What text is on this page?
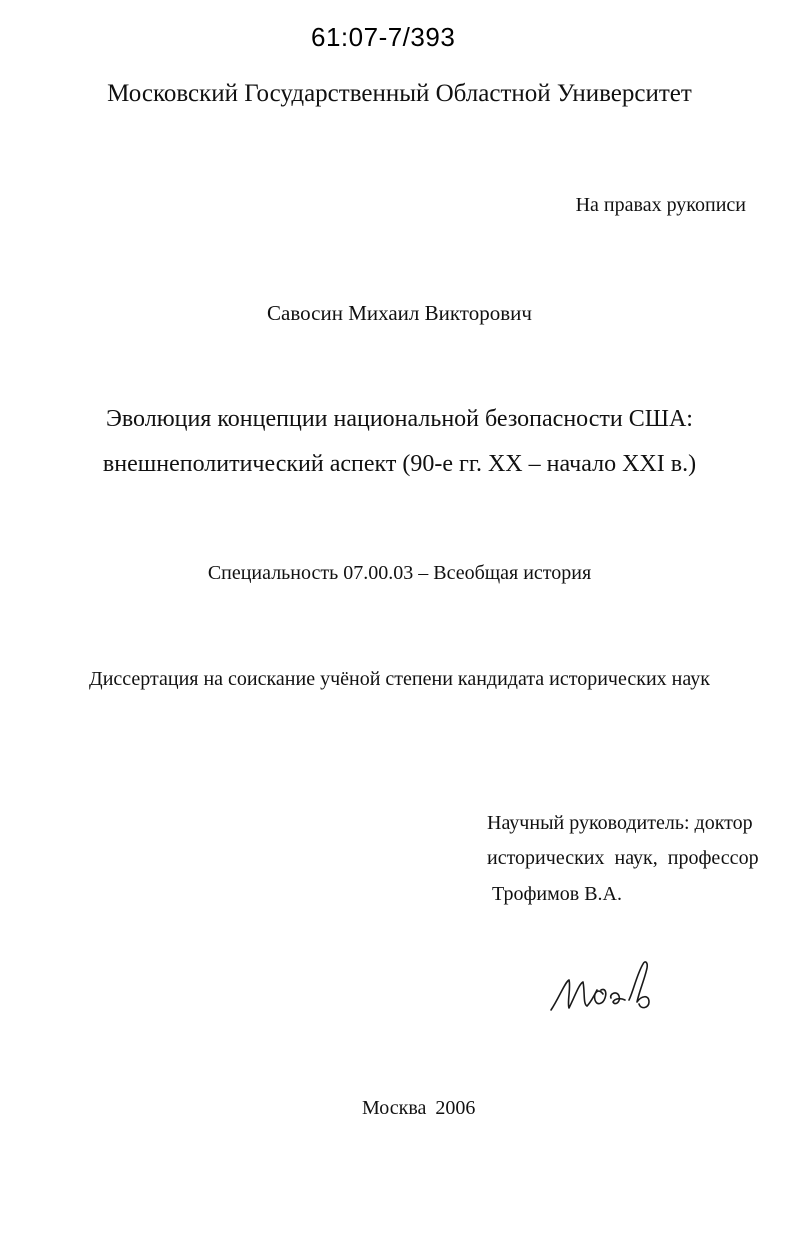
61:07-7/393
Московский Государственный Областной Университет
На правах рукописи
Савосин Михаил Викторович
Эволюция концепции национальной безопасности США:
внешнеполитический аспект (90-е гг. XX – начало XXI в.)
Специальность 07.00.03 – Всеобщая история
Диссертация на соискание учёной степени кандидата исторических наук
Научный руководитель: доктор
исторических наук, профессор
Трофимов В.А.
Москва 2006
